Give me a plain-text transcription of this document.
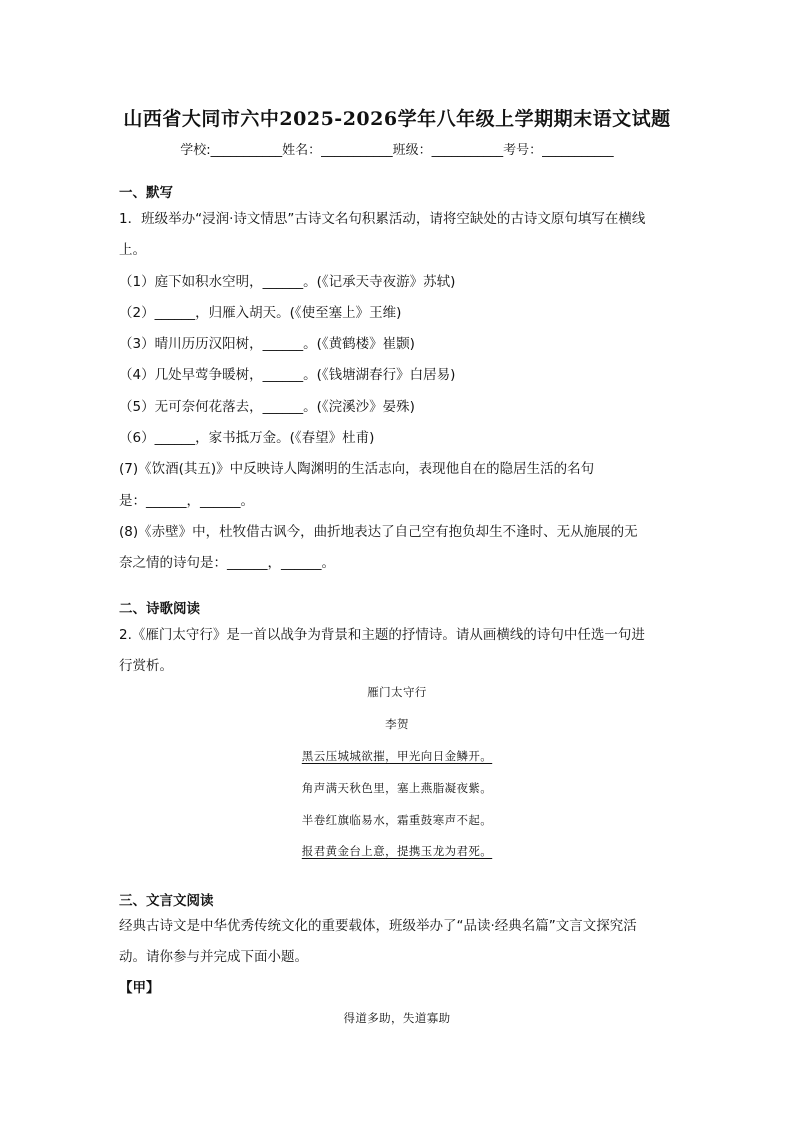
山西省大同市六中2025-2026学年八年级上学期期末语文试题
学校:___________姓名：___________班级：___________考号：___________
一、默写
1．班级举办“浸润·诗文情思”古诗文名句积累活动，请将空缺处的古诗文原句填写在横线
上。
（1）庭下如积水空明，______。(《记承天寺夜游》苏轼)
（2）______，归雁入胡天。(《使至塞上》王维)
（3）晴川历历汉阳树，______。(《黄鹤楼》崔颢)
（4）几处早莺争暖树，______。(《钱塘湖春行》白居易)
（5）无可奈何花落去，______。(《浣溪沙》晏殊)
（6）______，家书抵万金。(《春望》杜甫)
(7)《饮酒(其五)》中反映诗人陶渊明的生活志向，表现他自在的隐居生活的名句
是：______，______。
(8)《赤壁》中，杜牧借古讽今，曲折地表达了自己空有抱负却生不逢时、无从施展的无
奈之情的诗句是：______，______。
二、诗歌阅读
2.《雁门太守行》是一首以战争为背景和主题的抒情诗。请从画横线的诗句中任选一句进
行赏析。
雁门太守行
李贺
黑云压城城欲摧，甲光向日金鳞开。
角声满天秋色里，塞上燕脂凝夜紫。
半卷红旗临易水，霜重鼓寒声不起。
报君黄金台上意，提携玉龙为君死。
三、文言文阅读
经典古诗文是中华优秀传统文化的重要载体，班级举办了“品读·经典名篇”文言文探究活
动。请你参与并完成下面小题。
【甲】
得道多助，失道寡助
